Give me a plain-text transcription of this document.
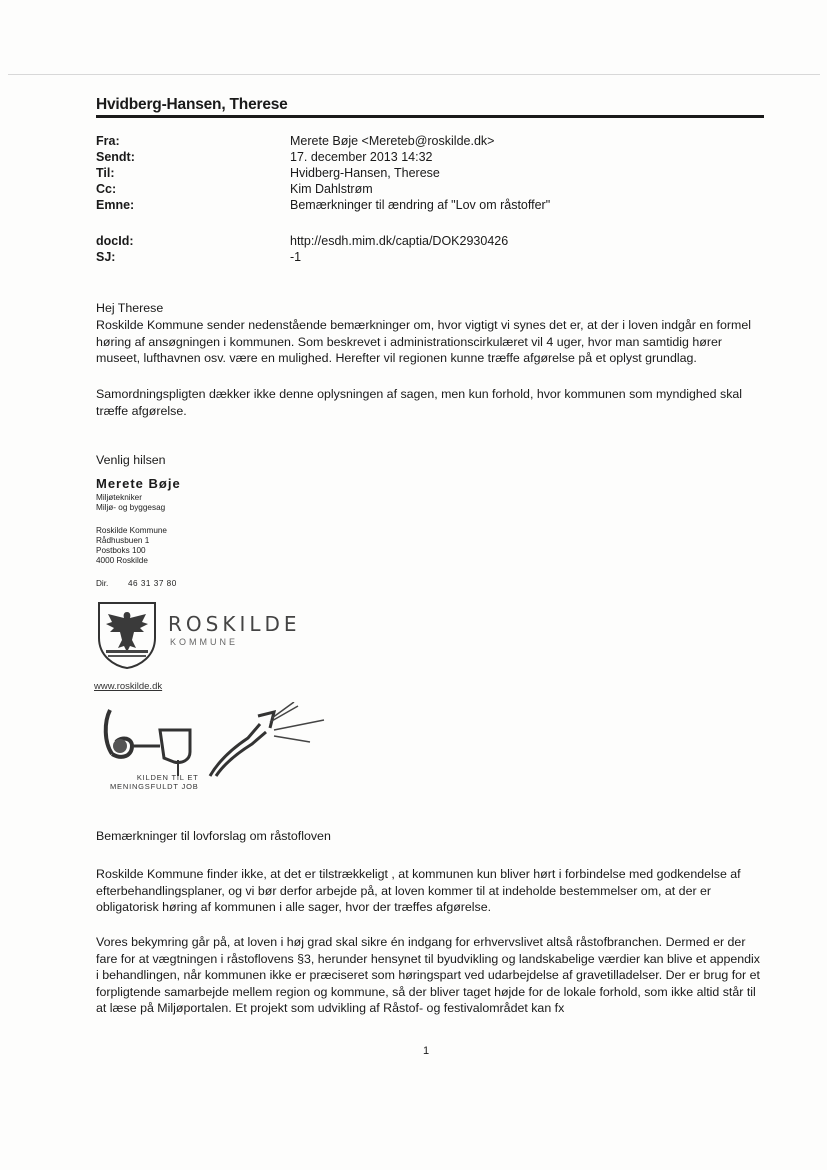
Hvidberg-Hansen, Therese
Fra:	Merete Bøje <Mereteb@roskilde.dk>
Sendt:	17. december 2013 14:32
Til:	Hvidberg-Hansen, Therese
Cc:	Kim Dahlstrøm
Emne:	Bemærkninger til ændring af "Lov om råstoffer"
docId:	http://esdh.mim.dk/captia/DOK2930426
SJ:	-1
Hej Therese
Roskilde Kommune sender nedenstående bemærkninger om, hvor vigtigt vi synes det er, at der i loven indgår en formel høring af ansøgningen i kommunen. Som beskrevet i administrationscirkulæret vil 4 uger, hvor man samtidig hører museet, lufthavnen osv. være en mulighed. Herefter vil regionen kunne træffe afgørelse på et oplyst grundlag.
Samordningspligten dækker ikke denne oplysningen af sagen, men kun forhold, hvor kommunen som myndighed skal træffe afgørelse.
Venlig hilsen
Merete Bøje
Miljøtekniker
Miljø- og byggesag
Roskilde Kommune
Rådhusbuen 1
Postboks 100
4000 Roskilde
Dir. 46 31 37 80
ROSKILDE
KOMMUNE
www.roskilde.dk
KILDEN TIL ET
MENINGSFULDT JOB
Bemærkninger til lovforslag om råstofloven
Roskilde Kommune finder ikke, at det er tilstrækkeligt , at kommunen kun bliver hørt i forbindelse med godkendelse af efterbehandlingsplaner, og vi bør derfor arbejde på, at loven kommer til at indeholde bestemmelser om, at der er obligatorisk høring af kommunen i alle sager, hvor der træffes afgørelse.
Vores bekymring går på, at loven i høj grad skal sikre én indgang for erhvervslivet altså råstofbranchen. Dermed er der fare for at vægtningen i råstoflovens §3, herunder hensynet til byudvikling og landskabelige værdier kan blive et appendix i behandlingen, når kommunen ikke er præciseret som høringspart ved udarbejdelse af gravetilladelser. Der er brug for et forpligtende samarbejde mellem region og kommune, så der bliver taget højde for de lokale forhold, som ikke altid står til at læse på Miljøportalen. Et projekt som udvikling af Råstof- og festivalområdet kan fx
1
